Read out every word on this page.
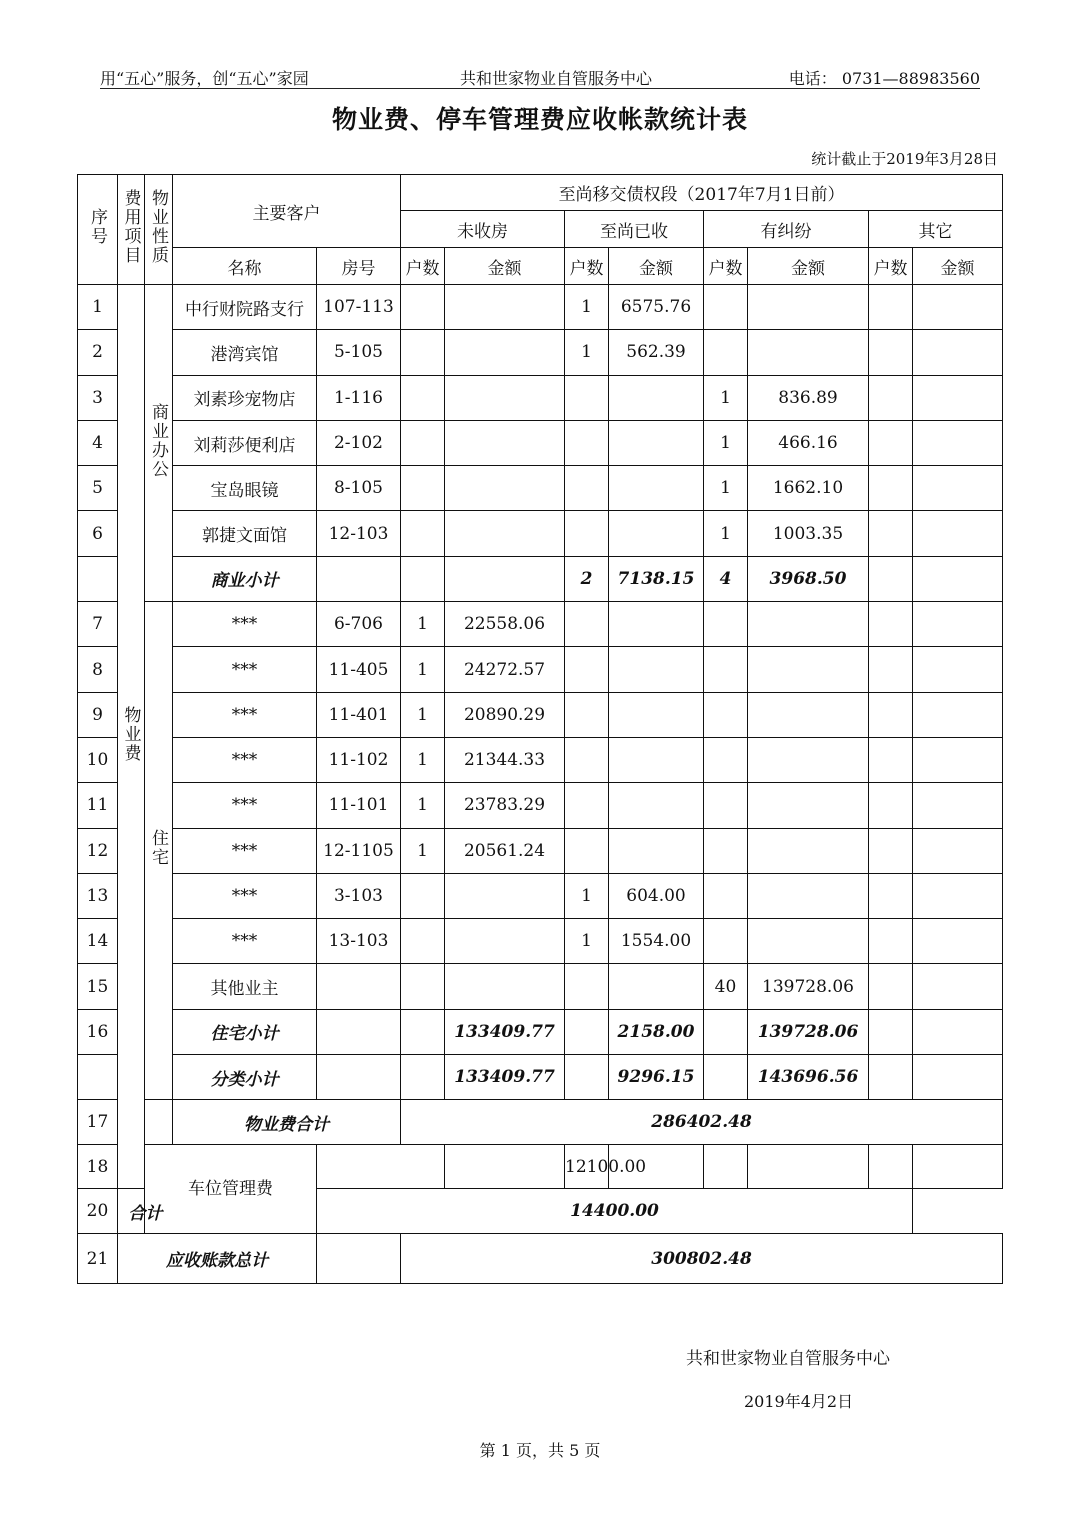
用“五心”服务，创“五心”家园	共和世家物业自管服务中心	电话： 0731—88983560
物业费、停车管理费应收帐款统计表
统计截止于2019年3月28日
序号	费用项目	物业性质	主要客户		至尚移交债权段（2017年7月1日前）								
					未收房		至尚已收		有纠纷		其它		
			名称	房号	户数	金额	户数	金额	户数	金额	户数	金额	
1	物业费	商业办公	中行财院路支行	107-113			1	6575.76					
2			港湾宾馆	5-105			1	562.39					
3			刘素珍宠物店	1-116					1	836.89			
4			刘莉莎便利店	2-102					1	466.16			
5			宝岛眼镜	8-105					1	1662.10			
6			郭捷文面馆	12-103					1	1003.35			
			商业小计				2	7138.15	4	3968.50			
7		住宅	***	6-706	1	22558.06							
8			***	11-405	1	24272.57							
9			***	11-401	1	20890.29							
10			***	11-102	1	21344.33							
11			***	11-101	1	23783.29							
12			***	12-1105	1	20561.24							
13			***	3-103			1	604.00					
14			***	13-103			1	1554.00					
15			其他业主						40	139728.06			
16			住宅小计			133409.77		2158.00		139728.06			
			分类小计			133409.77		9296.15		143696.56			
17			物业费合计		286402.48								
18		车位管理费					12100.00						
20	合计			14400.00									
21	应收账款总计				300802.48								
共和世家物业自管服务中心
2019年4月2日
第 1 页，共 5 页
